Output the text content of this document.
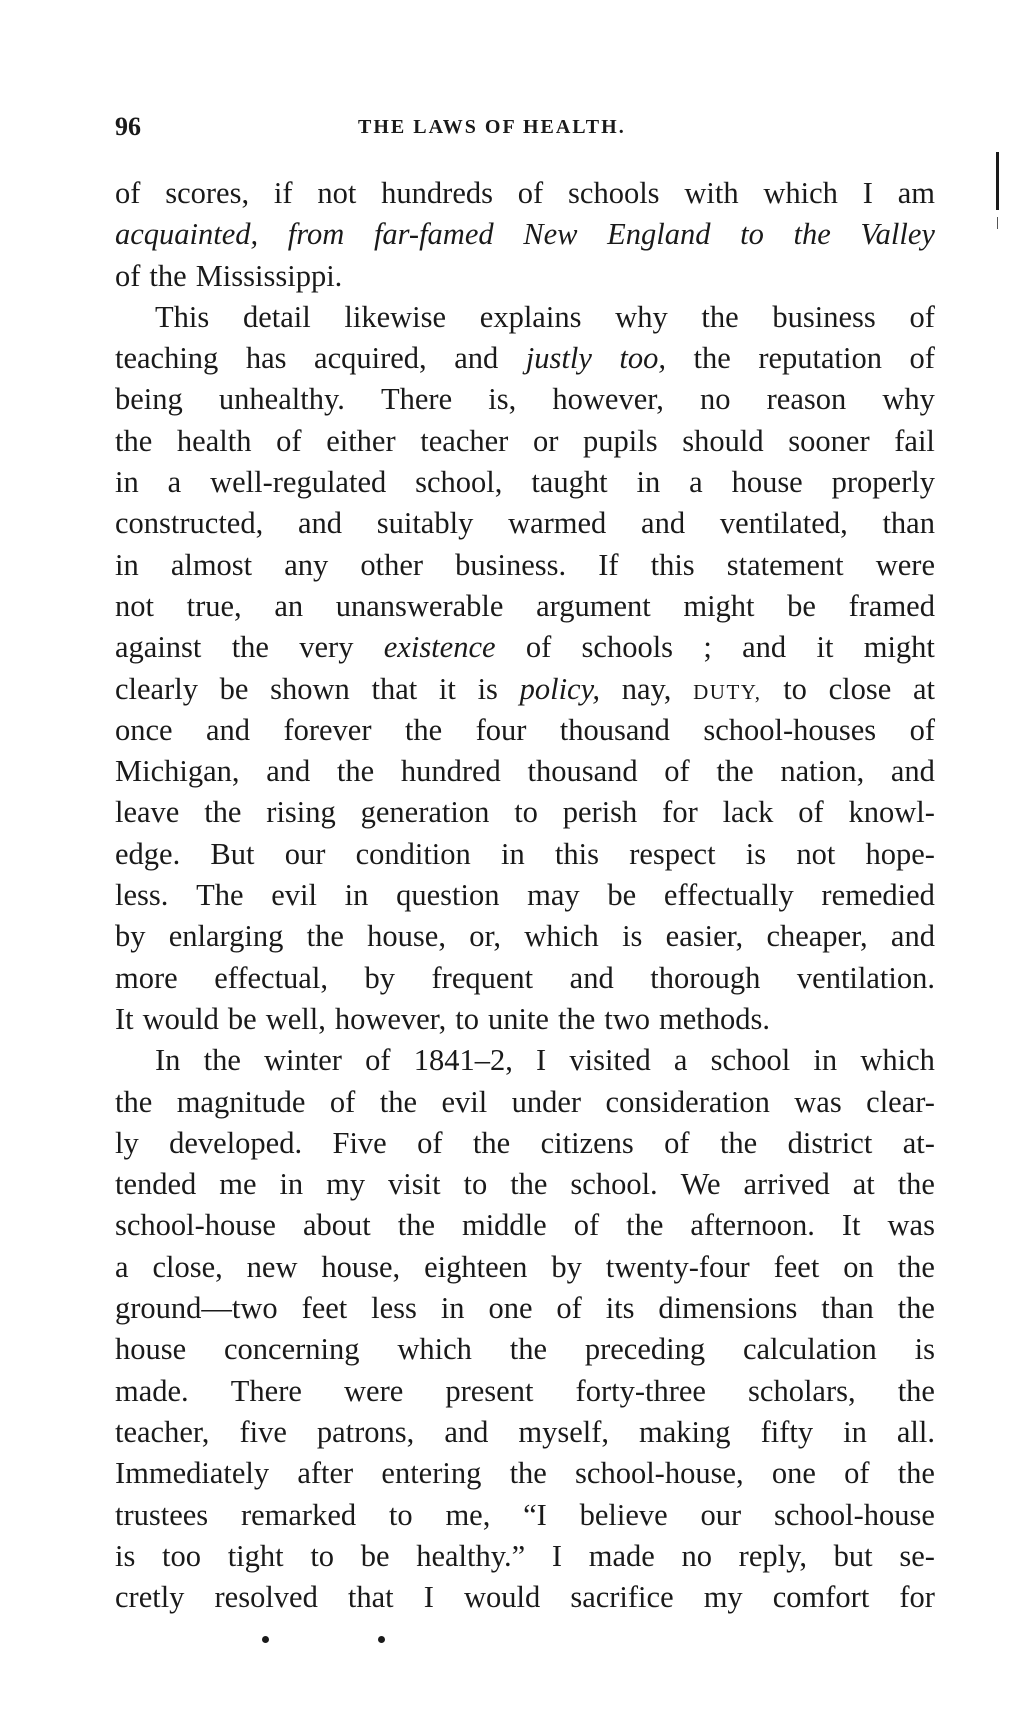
96	THE LAWS OF HEALTH.
of scores, if not hundreds of schools with which I am
acquainted, from far-famed New England to the Valley
of the Mississippi.
This detail likewise explains why the business of
teaching has acquired, and justly too, the reputation of
being unhealthy. There is, however, no reason why
the health of either teacher or pupils should sooner fail
in a well-regulated school, taught in a house properly
constructed, and suitably warmed and ventilated, than
in almost any other business. If this statement were
not true, an unanswerable argument might be framed
against the very existence of schools ; and it might
clearly be shown that it is policy, nay, DUTY, to close at
once and forever the four thousand school-houses of
Michigan, and the hundred thousand of the nation, and
leave the rising generation to perish for lack of knowl-
edge. But our condition in this respect is not hope-
less. The evil in question may be effectually remedied
by enlarging the house, or, which is easier, cheaper, and
more effectual, by frequent and thorough ventilation.
It would be well, however, to unite the two methods.
In the winter of 1841–2, I visited a school in which
the magnitude of the evil under consideration was clear-
ly developed. Five of the citizens of the district at-
tended me in my visit to the school. We arrived at the
school-house about the middle of the afternoon. It was
a close, new house, eighteen by twenty-four feet on the
ground—two feet less in one of its dimensions than the
house concerning which the preceding calculation is
made. There were present forty-three scholars, the
teacher, five patrons, and myself, making fifty in all.
Immediately after entering the school-house, one of the
trustees remarked to me, “I believe our school-house
is too tight to be healthy.” I made no reply, but se-
cretly resolved that I would sacrifice my comfort for
